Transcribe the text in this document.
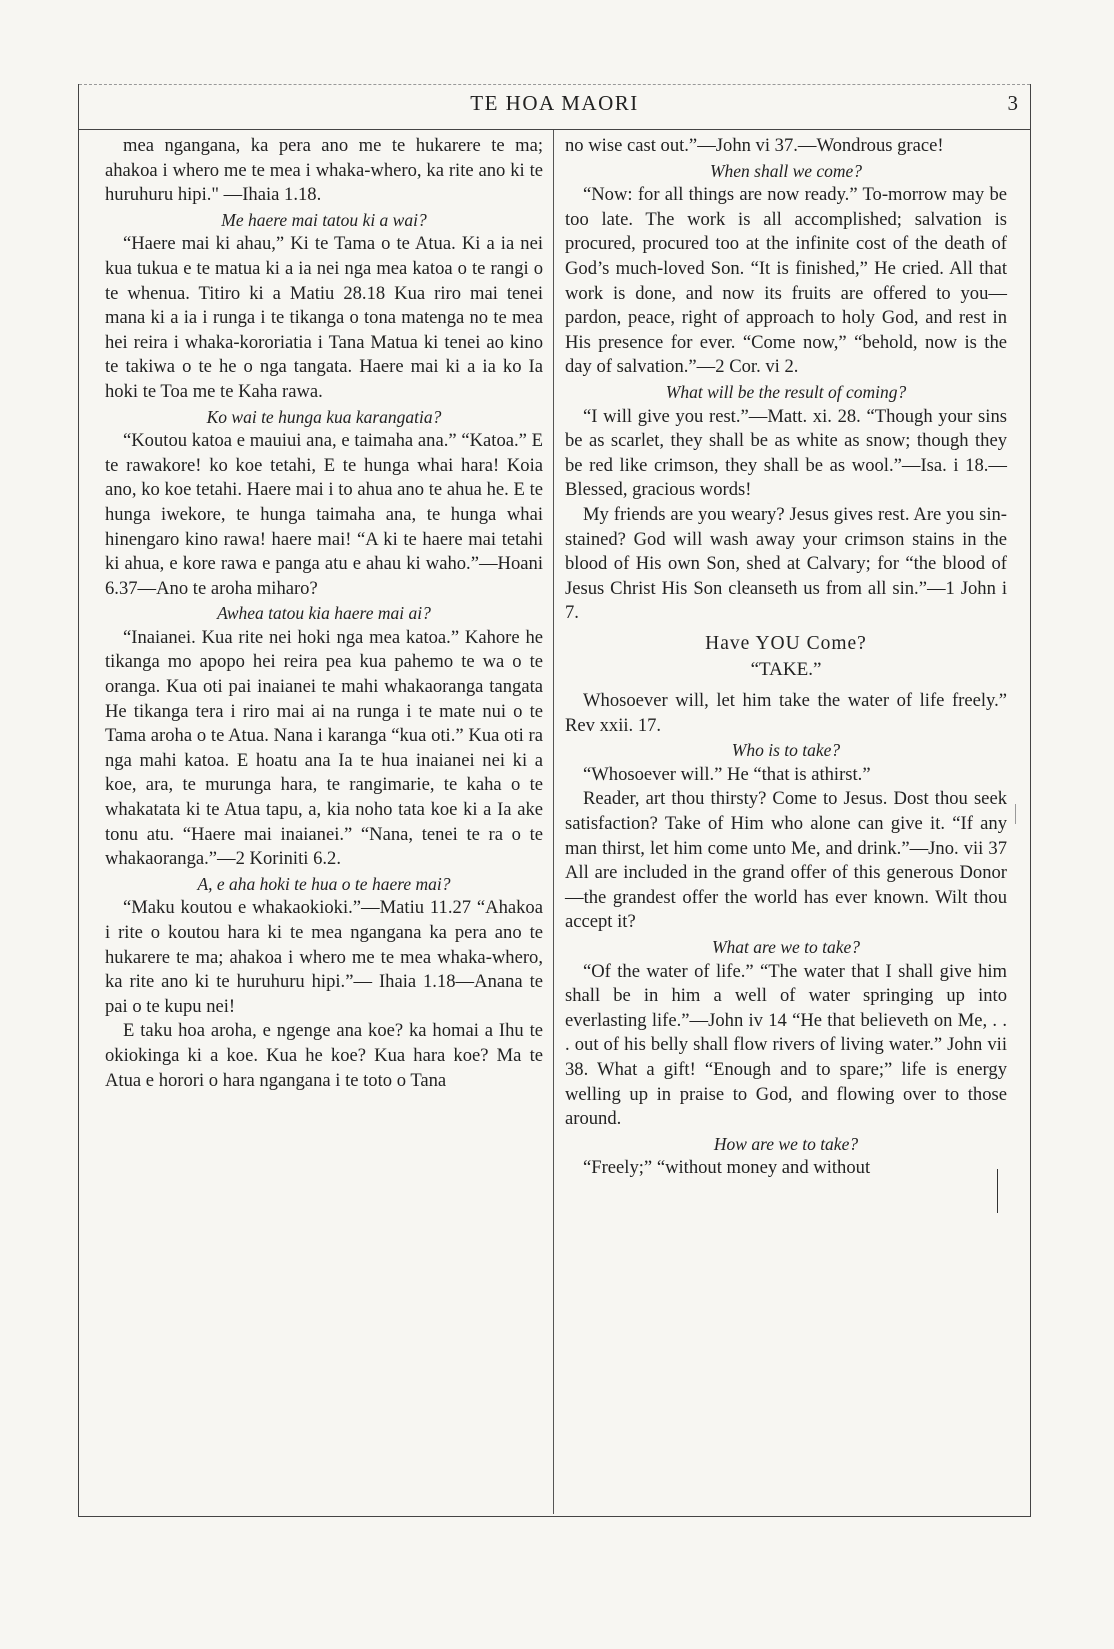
TE HOA MAORI	3

mea ngangana, ka pera ano me te hukarere te ma; ahakoa i whero me te mea i whaka-whero, ka rite ano ki te huruhuru hipi." —Ihaia 1.18.

Me haere mai tatou ki a wai?

“Haere mai ki ahau,” Ki te Tama o te Atua. Ki a ia nei kua tukua e te matua ki a ia nei nga mea katoa o te rangi o te whenua. Titiro ki a Matiu 28.18 Kua riro mai tenei mana ki a ia i runga i te tikanga o tona matenga no te mea hei reira i whaka-kororiatia i Tana Matua ki tenei ao kino te takiwa o te he o nga tangata. Haere mai ki a ia ko Ia hoki te Toa me te Kaha rawa.

Ko wai te hunga kua karangatia?

“Koutou katoa e mauiui ana, e taimaha ana.” “Katoa.” E te rawakore! ko koe tetahi, E te hunga whai hara! Koia ano, ko koe tetahi. Haere mai i to ahua ano te ahua he. E te hunga iwekore, te hunga taimaha ana, te hunga whai hinengaro kino rawa! haere mai! “A ki te haere mai tetahi ki ahua, e kore rawa e panga atu e ahau ki waho.”—Hoani 6.37—Ano te aroha miharo?

Awhea tatou kia haere mai ai?

“Inaianei. Kua rite nei hoki nga mea katoa.” Kahore he tikanga mo apopo hei reira pea kua pahemo te wa o te oranga. Kua oti pai inaianei te mahi whakaoranga tangata He tikanga tera i riro mai ai na runga i te mate nui o te Tama aroha o te Atua. Nana i karanga “kua oti.” Kua oti ra nga mahi katoa. E hoatu ana Ia te hua inaianei nei ki a koe, ara, te murunga hara, te rangimarie, te kaha o te whakatata ki te Atua tapu, a, kia noho tata koe ki a Ia ake tonu atu. “Haere mai inaianei.” “Nana, tenei te ra o te whakaoranga.”—2 Koriniti 6.2.

A, e aha hoki te hua o te haere mai?

“Maku koutou e whakaokioki.”—Matiu 11.27 “Ahakoa i rite o koutou hara ki te mea ngangana ka pera ano te hukarere te ma; ahakoa i whero me te mea whaka-whero, ka rite ano ki te huruhuru hipi.”— Ihaia 1.18—Anana te pai o te kupu nei!

E taku hoa aroha, e ngenge ana koe? ka homai a Ihu te okiokinga ki a koe. Kua he koe? Kua hara koe? Ma te Atua e horori o hara ngangana i te toto o Tana

no wise cast out.”—John vi 37.—Wondrous grace!

When shall we come?

“Now: for all things are now ready.” To-morrow may be too late. The work is all accomplished; salvation is procured, procured too at the infinite cost of the death of God’s much-loved Son. “It is finished,” He cried. All that work is done, and now its fruits are offered to you—pardon, peace, right of approach to holy God, and rest in His presence for ever. “Come now,” “behold, now is the day of salvation.”—2 Cor. vi 2.

What will be the result of coming?

“I will give you rest.”—Matt. xi. 28. “Though your sins be as scarlet, they shall be as white as snow; though they be red like crimson, they shall be as wool.”—Isa. i 18.—Blessed, gracious words!

My friends are you weary? Jesus gives rest. Are you sin-stained? God will wash away your crimson stains in the blood of His own Son, shed at Calvary; for “the blood of Jesus Christ His Son cleanseth us from all sin.”—1 John i 7.

Have YOU Come?

“TAKE.”

Whosoever will, let him take the water of life freely.” Rev xxii. 17.

Who is to take?

“Whosoever will.” He “that is athirst.”

Reader, art thou thirsty? Come to Jesus. Dost thou seek satisfaction? Take of Him who alone can give it. “If any man thirst, let him come unto Me, and drink.”—Jno. vii 37 All are included in the grand offer of this generous Donor—the grandest offer the world has ever known. Wilt thou accept it?

What are we to take?

“Of the water of life.” “The water that I shall give him shall be in him a well of water springing up into everlasting life.”—John iv 14 “He that believeth on Me, . . . out of his belly shall flow rivers of living water.” John vii 38. What a gift! “Enough and to spare;” life is energy welling up in praise to God, and flowing over to those around.

How are we to take?

“Freely;” “without money and without
